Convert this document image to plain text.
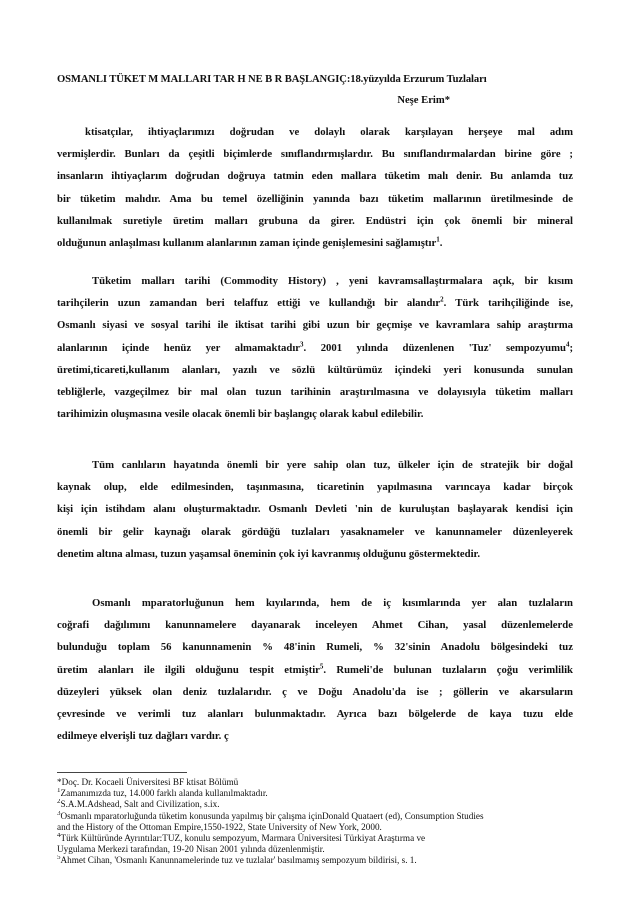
OSMANLI TÜKET M MALLARI TAR H NE B R BAŞLANGIÇ:18.yüzyılda Erzurum Tuzlaları
Neşe Erim*
ktisatçılar, ihtiyaçlarımızı doğrudan ve dolaylı olarak karşılayan herşeye mal adım
vermişlerdir. Bunları da çeşitli biçimlerde sınıflandırmışlardır. Bu sınıflandırmalardan birine göre ;
insanların ihtiyaçlarım doğrudan doğruya tatmin eden mallara tüketim malı denir. Bu anlamda tuz
bir tüketim malıdır. Ama bu temel özelliğinin yanında bazı tüketim mallarının üretilmesinde de
kullanılmak suretiyle üretim malları grubuna da girer. Endüstri için çok önemli bir mineral
olduğunun anlaşılması kullanım alanlarının zaman içinde genişlemesini sağlamıştır$^1$.
Tüketim malları tarihi (Commodity History) , yeni kavramsallaştırmalara açık, bir kısım
tarihçilerin uzun zamandan beri telaffuz ettiği ve kullandığı bir alandır$^2$. Türk tarihçiliğinde ise,
Osmanlı siyasi ve sosyal tarihi ile iktisat tarihi gibi uzun bir geçmişe ve kavramlara sahip araştırma
alanlarının içinde henüz yer almamaktadır$^3$. 2001 yılında düzenlenen 'Tuz' sempozyumu$^4$;
üretimi,ticareti,kullanım alanları, yazılı ve sözlü kültürümüz içindeki yeri konusunda sunulan
tebliğlerle, vazgeçilmez bir mal olan tuzun tarihinin araştırılmasına ve dolayısıyla tüketim malları
tarihimizin oluşmasına vesile olacak önemli bir başlangıç olarak kabul edilebilir.
Tüm canlıların hayatında önemli bir yere sahip olan tuz, ülkeler için de stratejik bir doğal
kaynak olup, elde edilmesinden, taşınmasına, ticaretinin yapılmasına varıncaya kadar birçok
kişi için istihdam alanı oluşturmaktadır. Osmanlı Devleti 'nin de kuruluştan başlayarak kendisi için
önemli bir gelir kaynağı olarak gördüğü tuzlaları yasaknameler ve kanunnameler düzenleyerek
denetim altına alması, tuzun yaşamsal öneminin çok iyi kavranmış olduğunu göstermektedir.
Osmanlı mparatorluğunun hem kıyılarında, hem de iç kısımlarında yer alan tuzlaların
coğrafi dağılımını kanunnamelere dayanarak inceleyen Ahmet Cihan, yasal düzenlemelerde
bulunduğu toplam 56 kanunnamenin % 48'inin Rumeli, % 32'sinin Anadolu bölgesindeki tuz
üretim alanları ile ilgili olduğunu tespit etmiştir$^5$. Rumeli'de bulunan tuzlaların çoğu verimlilik
düzeyleri yüksek olan deniz tuzlalarıdır. ç ve Doğu Anadolu'da ise ; göllerin ve akarsuların
çevresinde ve verimli tuz alanları bulunmaktadır. Ayrıca bazı bölgelerde de kaya tuzu elde
edilmeye elverişli tuz dağları vardır. ç
*Doç. Dr. Kocaeli Üniversitesi BF ktisat Bölümü
$^1$Zamanımızda tuz, 14.000 farklı alanda kullanılmaktadır.
$^2$S.A.M.Adshead, Salt and Civilization, s.ix.
$^3$Osmanlı mparatorluğunda tüketim konusunda yapılmış bir çalışma içinDonald Quataert (ed), Consumption Studies
and the History of the Ottoman Empire,1550-1922, State University of New York, 2000.
$^4$Türk Kültüründe Ayrıntılar:TUZ, konulu sempozyum, Marmara Üniversitesi Türkiyat Araştırma ve
Uygulama Merkezi tarafından, 19-20 Nisan 2001 yılında düzenlenmiştir.
$^5$Ahmet Cihan, 'Osmanlı Kanunnamelerinde tuz ve tuzlalar' basılmamış sempozyum bildirisi, s. 1.
